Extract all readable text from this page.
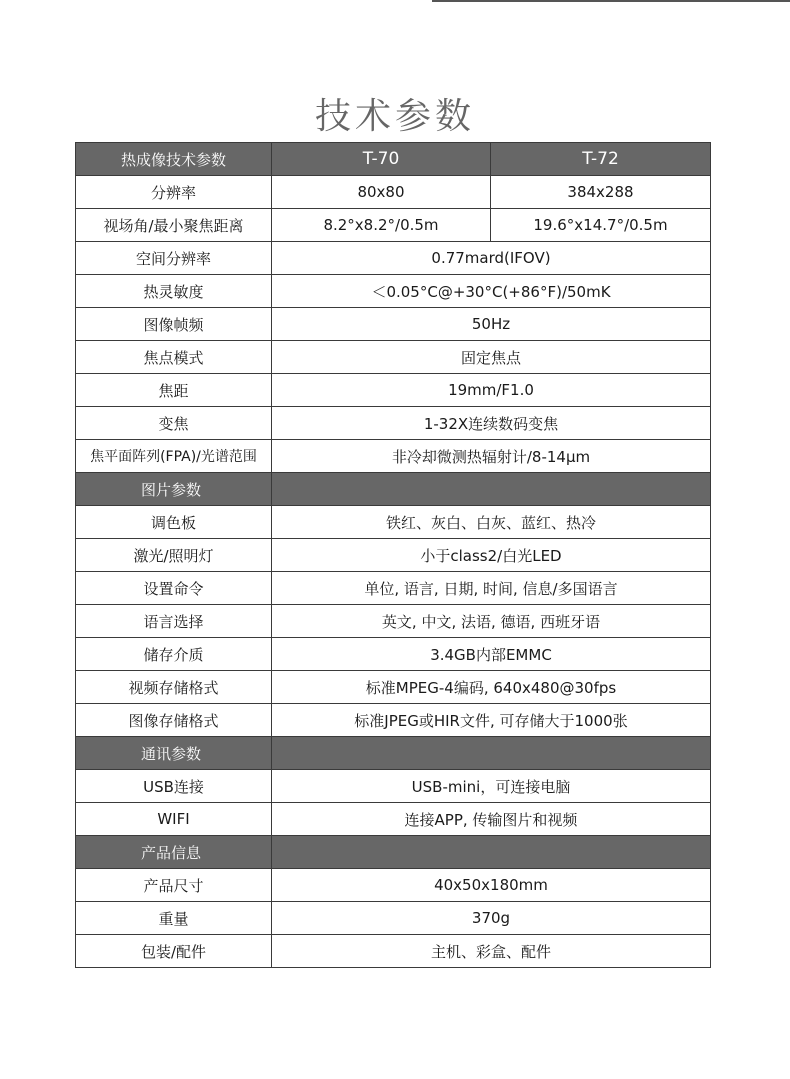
技术参数
热成像技术参数	T-70	T-72
分辨率	80x80	384x288
视场角/最小聚焦距离	8.2°x8.2°/0.5m	19.6°x14.7°/0.5m
空间分辨率	0.77mard(IFOV)	
热灵敏度	＜0.05°C@+30°C(+86°F)/50mK	
图像帧频	50Hz	
焦点模式	固定焦点	
焦距	19mm/F1.0	
变焦	1-32X连续数码变焦	
焦平面阵列(FPA)/光谱范围	非冷却微测热辐射计/8-14μm	
图片参数		
调色板	铁红、灰白、白灰、蓝红、热冷	
激光/照明灯	小于class2/白光LED	
设置命令	单位, 语言, 日期, 时间, 信息/多国语言	
语言选择	英文, 中文, 法语, 德语, 西班牙语	
储存介质	3.4GB内部EMMC	
视频存储格式	标准MPEG-4编码, 640x480@30fps	
图像存储格式	标准JPEG或HIR文件, 可存储大于1000张	
通讯参数		
USB连接	USB-mini，可连接电脑	
WIFI	连接APP, 传输图片和视频	
产品信息		
产品尺寸	40x50x180mm	
重量	370g	
包装/配件	主机、彩盒、配件	
